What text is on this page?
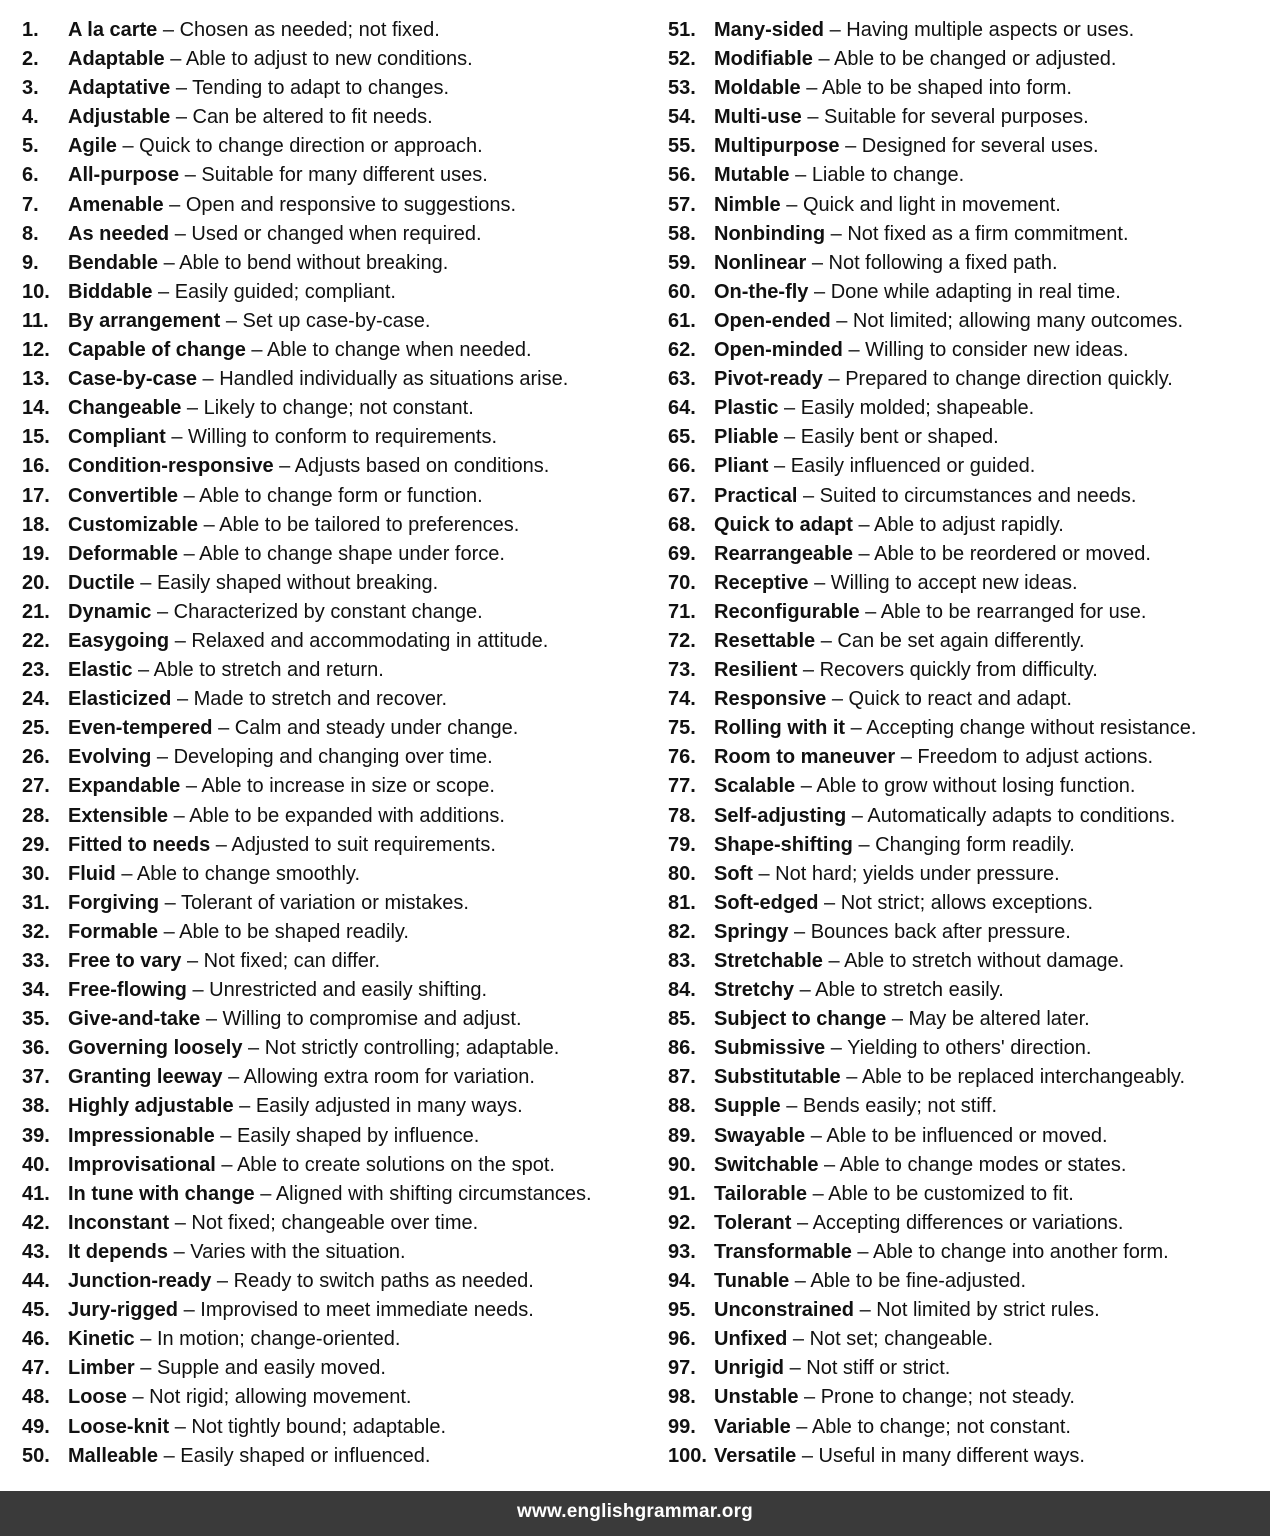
1. A la carte – Chosen as needed; not fixed.
2. Adaptable – Able to adjust to new conditions.
3. Adaptative – Tending to adapt to changes.
4. Adjustable – Can be altered to fit needs.
5. Agile – Quick to change direction or approach.
6. All-purpose – Suitable for many different uses.
7. Amenable – Open and responsive to suggestions.
8. As needed – Used or changed when required.
9. Bendable – Able to bend without breaking.
10. Biddable – Easily guided; compliant.
11. By arrangement – Set up case-by-case.
12. Capable of change – Able to change when needed.
13. Case-by-case – Handled individually as situations arise.
14. Changeable – Likely to change; not constant.
15. Compliant – Willing to conform to requirements.
16. Condition-responsive – Adjusts based on conditions.
17. Convertible – Able to change form or function.
18. Customizable – Able to be tailored to preferences.
19. Deformable – Able to change shape under force.
20. Ductile – Easily shaped without breaking.
21. Dynamic – Characterized by constant change.
22. Easygoing – Relaxed and accommodating in attitude.
23. Elastic – Able to stretch and return.
24. Elasticized – Made to stretch and recover.
25. Even-tempered – Calm and steady under change.
26. Evolving – Developing and changing over time.
27. Expandable – Able to increase in size or scope.
28. Extensible – Able to be expanded with additions.
29. Fitted to needs – Adjusted to suit requirements.
30. Fluid – Able to change smoothly.
31. Forgiving – Tolerant of variation or mistakes.
32. Formable – Able to be shaped readily.
33. Free to vary – Not fixed; can differ.
34. Free-flowing – Unrestricted and easily shifting.
35. Give-and-take – Willing to compromise and adjust.
36. Governing loosely – Not strictly controlling; adaptable.
37. Granting leeway – Allowing extra room for variation.
38. Highly adjustable – Easily adjusted in many ways.
39. Impressionable – Easily shaped by influence.
40. Improvisational – Able to create solutions on the spot.
41. In tune with change – Aligned with shifting circumstances.
42. Inconstant – Not fixed; changeable over time.
43. It depends – Varies with the situation.
44. Junction-ready – Ready to switch paths as needed.
45. Jury-rigged – Improvised to meet immediate needs.
46. Kinetic – In motion; change-oriented.
47. Limber – Supple and easily moved.
48. Loose – Not rigid; allowing movement.
49. Loose-knit – Not tightly bound; adaptable.
50. Malleable – Easily shaped or influenced.
51. Many-sided – Having multiple aspects or uses.
52. Modifiable – Able to be changed or adjusted.
53. Moldable – Able to be shaped into form.
54. Multi-use – Suitable for several purposes.
55. Multipurpose – Designed for several uses.
56. Mutable – Liable to change.
57. Nimble – Quick and light in movement.
58. Nonbinding – Not fixed as a firm commitment.
59. Nonlinear – Not following a fixed path.
60. On-the-fly – Done while adapting in real time.
61. Open-ended – Not limited; allowing many outcomes.
62. Open-minded – Willing to consider new ideas.
63. Pivot-ready – Prepared to change direction quickly.
64. Plastic – Easily molded; shapeable.
65. Pliable – Easily bent or shaped.
66. Pliant – Easily influenced or guided.
67. Practical – Suited to circumstances and needs.
68. Quick to adapt – Able to adjust rapidly.
69. Rearrangeable – Able to be reordered or moved.
70. Receptive – Willing to accept new ideas.
71. Reconfigurable – Able to be rearranged for use.
72. Resettable – Can be set again differently.
73. Resilient – Recovers quickly from difficulty.
74. Responsive – Quick to react and adapt.
75. Rolling with it – Accepting change without resistance.
76. Room to maneuver – Freedom to adjust actions.
77. Scalable – Able to grow without losing function.
78. Self-adjusting – Automatically adapts to conditions.
79. Shape-shifting – Changing form readily.
80. Soft – Not hard; yields under pressure.
81. Soft-edged – Not strict; allows exceptions.
82. Springy – Bounces back after pressure.
83. Stretchable – Able to stretch without damage.
84. Stretchy – Able to stretch easily.
85. Subject to change – May be altered later.
86. Submissive – Yielding to others' direction.
87. Substitutable – Able to be replaced interchangeably.
88. Supple – Bends easily; not stiff.
89. Swayable – Able to be influenced or moved.
90. Switchable – Able to change modes or states.
91. Tailorable – Able to be customized to fit.
92. Tolerant – Accepting differences or variations.
93. Transformable – Able to change into another form.
94. Tunable – Able to be fine-adjusted.
95. Unconstrained – Not limited by strict rules.
96. Unfixed – Not set; changeable.
97. Unrigid – Not stiff or strict.
98. Unstable – Prone to change; not steady.
99. Variable – Able to change; not constant.
100. Versatile – Useful in many different ways.
www.englishgrammar.org
